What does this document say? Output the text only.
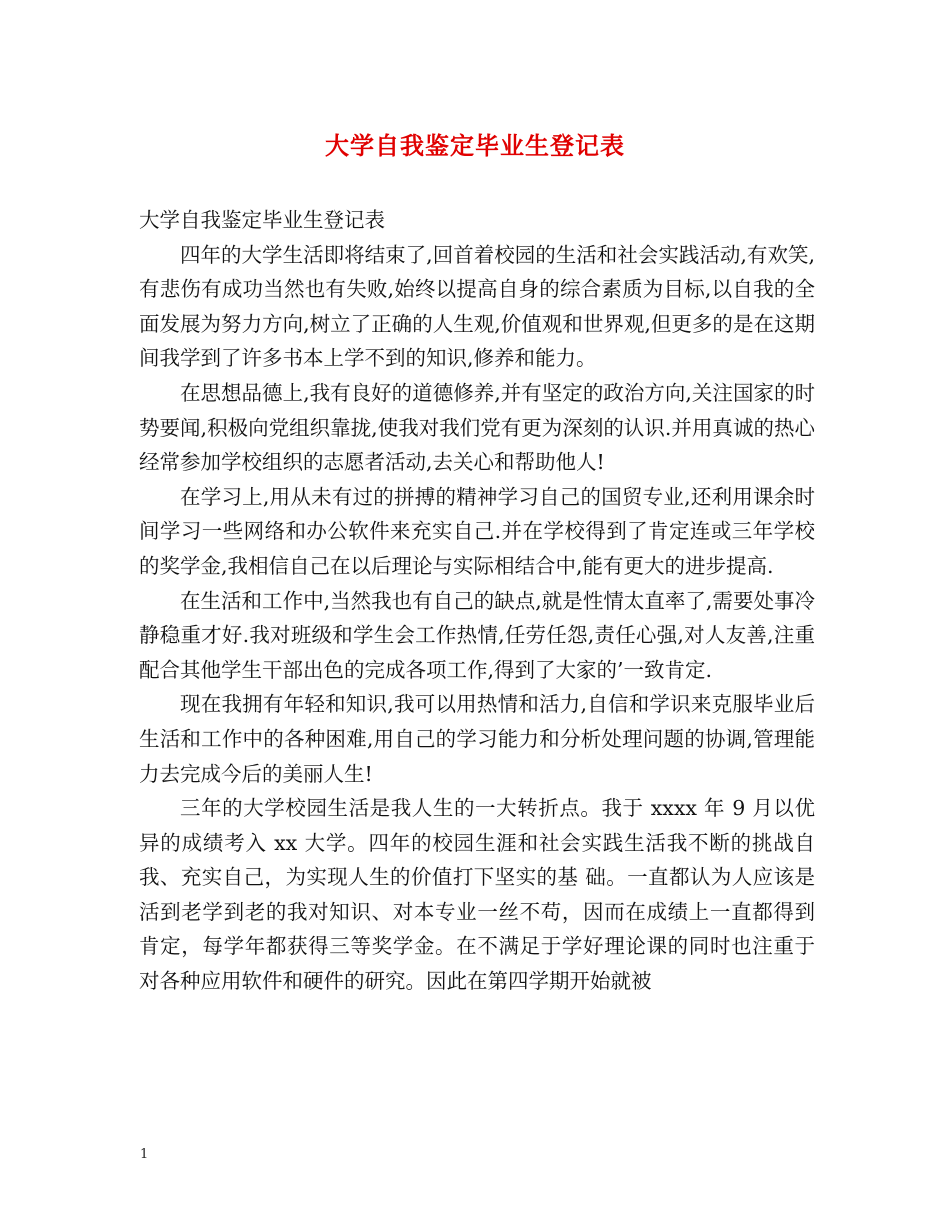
大学自我鉴定毕业生登记表

大学自我鉴定毕业生登记表

四年的大学生活即将结束了,回首着校园的生活和社会实践活动,有欢笑,有悲伤有成功当然也有失败,始终以提高自身的综合素质为目标,以自我的全面发展为努力方向,树立了正确的人生观,价值观和世界观,但更多的是在这期间我学到了许多书本上学不到的知识,修养和能力。

在思想品德上,我有良好的道德修养,并有坚定的政治方向,关注国家的时势要闻,积极向党组织靠拢,使我对我们党有更为深刻的认识.并用真诚的热心经常参加学校组织的志愿者活动,去关心和帮助他人!

在学习上,用从未有过的拼搏的精神学习自己的国贸专业,还利用课余时间学习一些网络和办公软件来充实自己.并在学校得到了肯定连或三年学校的奖学金,我相信自己在以后理论与实际相结合中,能有更大的进步提高.

在生活和工作中,当然我也有自己的缺点,就是性情太直率了,需要处事冷静稳重才好.我对班级和学生会工作热情,任劳任怨,责任心强,对人友善,注重配合其他学生干部出色的完成各项工作,得到了大家的’一致肯定.

现在我拥有年轻和知识,我可以用热情和活力,自信和学识来克服毕业后生活和工作中的各种困难,用自己的学习能力和分析处理问题的协调,管理能力去完成今后的美丽人生!

三年的大学校园生活是我人生的一大转折点。我于 xxxx 年 9 月以优异的成绩考入 xx 大学。四年的校园生涯和社会实践生活我不断的挑战自我、充实自己，为实现人生的价值打下坚实的基 础。一直都认为人应该是活到老学到老的我对知识、对本专业一丝不苟，因而在成绩上一直都得到肯定，每学年都获得三等奖学金。在不满足于学好理论课的同时也注重于对各种应用软件和硬件的研究。因此在第四学期开始就被

1
